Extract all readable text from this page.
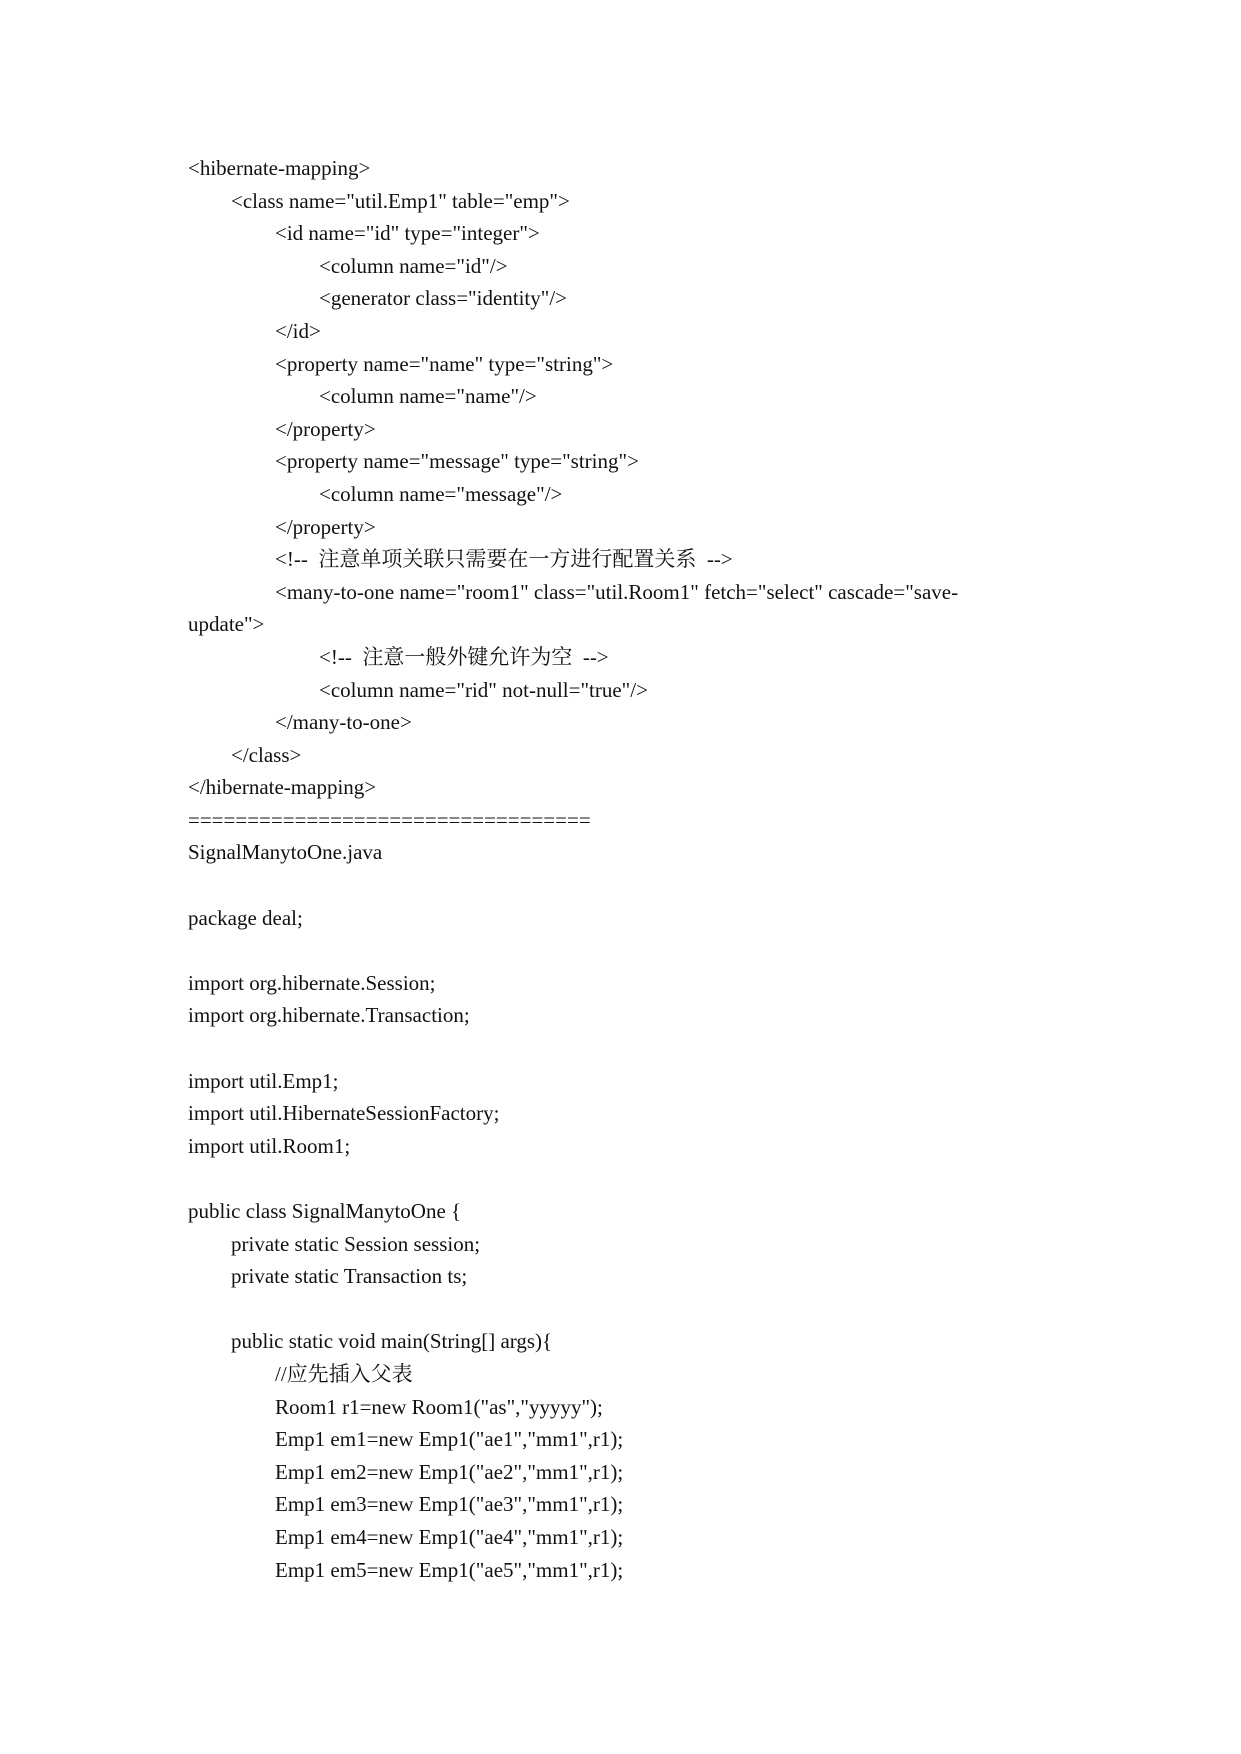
<hibernate-mapping>
<class name="util.Emp1" table="emp">
<id name="id" type="integer">
<column name="id"/>
<generator class="identity"/>
</id>
<property name="name" type="string">
<column name="name"/>
</property>
<property name="message" type="string">
<column name="message"/>
</property>
<!--  注意单项关联只需要在一方进行配置关系  -->
<many-to-one name="room1" class="util.Room1" fetch="select" cascade="save-
update">
<!--  注意一般外键允许为空  -->
<column name="rid" not-null="true"/>
</many-to-one>
</class>
</hibernate-mapping>
==================================
SignalManytoOne.java
package deal;
import org.hibernate.Session;
import org.hibernate.Transaction;
import util.Emp1;
import util.HibernateSessionFactory;
import util.Room1;
public class SignalManytoOne {
private static Session session;
private static Transaction ts;
public static void main(String[] args){
//应先插入父表
Room1 r1=new Room1("as","yyyyy");
Emp1 em1=new Emp1("ae1","mm1",r1);
Emp1 em2=new Emp1("ae2","mm1",r1);
Emp1 em3=new Emp1("ae3","mm1",r1);
Emp1 em4=new Emp1("ae4","mm1",r1);
Emp1 em5=new Emp1("ae5","mm1",r1);
